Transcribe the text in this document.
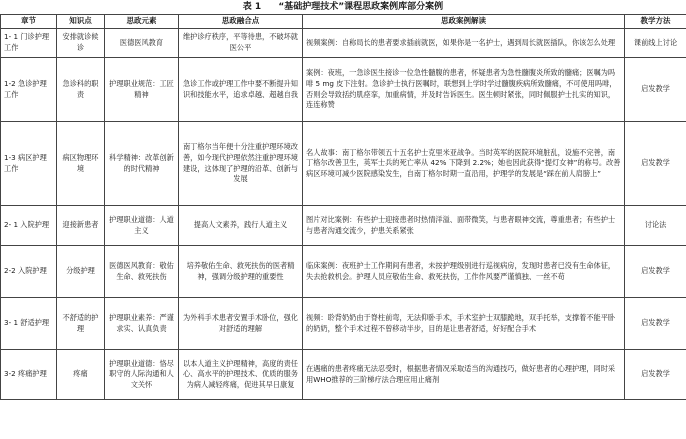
表 1 “基础护理技术”课程思政案例库部分案例
章节	知识点	思政元素	思政融合点	思政案例解读	教学方法
1- 1 门诊护理工作	安排就诊候诊	医德医风教育	维护诊疗秩序，平等待患，不破坏就医公平	视频案例：自称局长的患者要求插前就医，如果你是一名护士，遇到局长就医插队，你该怎么处理	课前线上讨论
1-2 急诊护理工作	急诊科的职责	护理职业规范：工匠精神	急诊工作或护理工作中要不断提升知识和技能水平，追求卓越、超越自我	案例：夜班，一急诊医生接诊一位急性髓腹的患者，怀疑患者为急性髓腹炎所致的髓痛；医嘱为吗啡 5 mg 皮下注射。急诊护士执行医嘱时，联想到上学时学过髓腹疾病所致髓痛，不可使用吗啡，否则会导致括约肌痉挛，加重病情，并及时告诉医生。医生顿时紧张，同时佩服护士扎实的知识，连连称赞	启发教学
1-3 病区护理工作	病区物理环境	科学精神：改革创新的时代精神	南丁格尔当年便十分注重护理环境改善，如今现代护理依然注重护理环境建设，这体现了护理的沿革、创新与发展	名人故事：南丁格尔带领五十五名护士克里米亚战争。当时英军的医院环境脏乱，设施不完善，南丁格尔改善卫生，英军士兵的死亡率从 42% 下降到 2.2%；她也因此获得“提灯女神”的称号。改善病区环境可减少医院感染发生，自南丁格尔时期一直沿用，护理学的发展是“踩在前人肩膀上”	启发教学
2- 1 入院护理	迎接新患者	护理职业道德：人道主义	提高人文素养，践行人道主义	图片对比案例：有些护士迎接患者时热情洋溢、面带微笑，与患者眼神交流，尊重患者；有些护士与患者沟通交流少，护患关系紧张	讨论法
2-2 入院护理	分级护理	医德医风教育：敬佑生命、救死扶伤	培养敬佑生命、救死扶伤的医者精神，强调分级护理的重要性	临床案例：夜班护士工作期间有患者，未按护理级别进行巡视病房，发现时患者已没有生命体征，失去抢救机会。护理人员应敬佑生命、救死扶伤，工作作风要严谨慎独、一丝不苟	启发教学
3- 1 舒适护理	不舒适的护理	护理职业素养：严谨求实、认真负责	为外科手术患者安置手术卧位，强化对舒适的理解	视频：聆背奶奶由于脊柱前弯，无法仰卧手术，手术室护士双膝跪地，双手托举，支撑着不能平卧的奶奶，整个手术过程不曾移动半步，目的是让患者舒适，好好配合手术	启发教学
3-2 疼痛护理	疼痛	护理职业道德：恪尽职守的人际沟通和人文关怀	以本人道主义护理精神，高度的责任心、高水平的护理技术、优质的服务为病人减轻疼痛，促进其早日康复	在遇痛的患者疼痛无法忍受时，根据患者情况采取适当的沟通技巧，做好患者的心理护理，同时采用WHO推荐的三阶梯疗法合理应用止痛剂	启发教学
